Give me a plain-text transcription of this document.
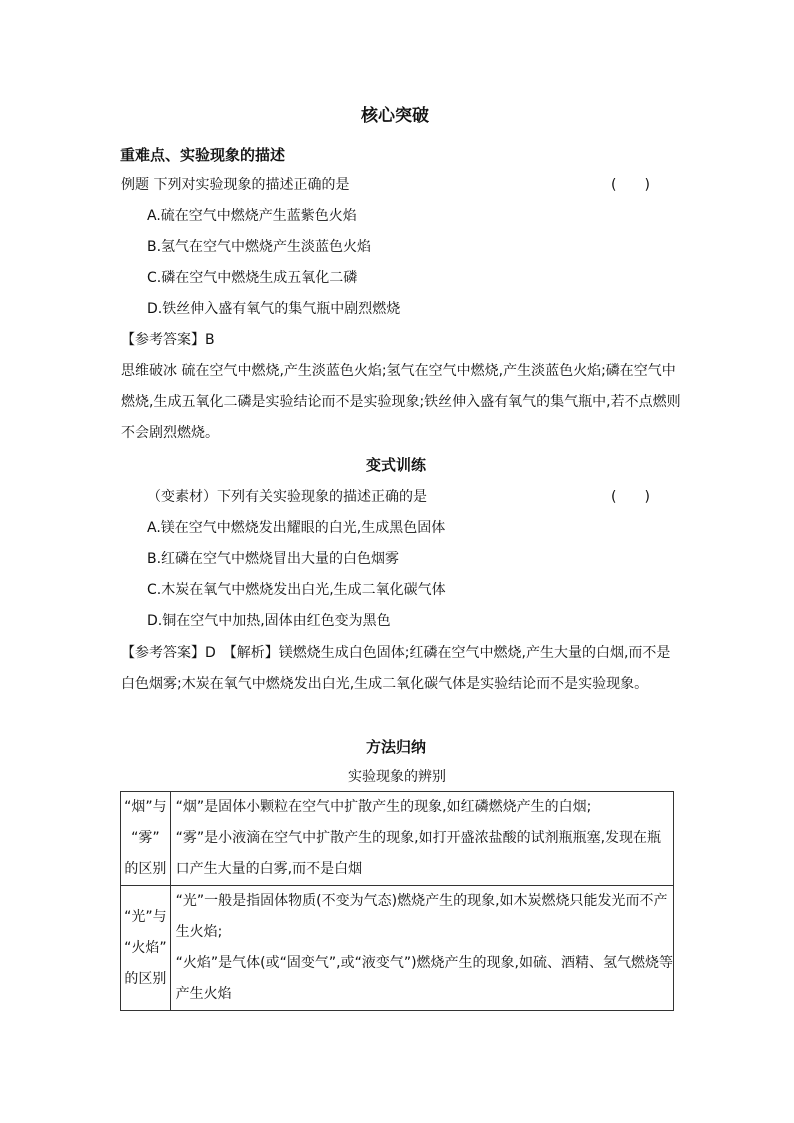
核心突破
重难点、实验现象的描述
例题 下列对实验现象的描述正确的是	(　　)
A.硫在空气中燃烧产生蓝紫色火焰
B.氢气在空气中燃烧产生淡蓝色火焰
C.磷在空气中燃烧生成五氧化二磷
D.铁丝伸入盛有氧气的集气瓶中剧烈燃烧
【参考答案】B
思维破冰 硫在空气中燃烧,产生淡蓝色火焰;氢气在空气中燃烧,产生淡蓝色火焰;磷在空气中
燃烧,生成五氧化二磷是实验结论而不是实验现象;铁丝伸入盛有氧气的集气瓶中,若不点燃则
不会剧烈燃烧。
变式训练
（变素材）下列有关实验现象的描述正确的是	(　　)
A.镁在空气中燃烧发出耀眼的白光,生成黑色固体
B.红磷在空气中燃烧冒出大量的白色烟雾
C.木炭在氧气中燃烧发出白光,生成二氧化碳气体
D.铜在空气中加热,固体由红色变为黑色
【参考答案】D　【解析】镁燃烧生成白色固体;红磷在空气中燃烧,产生大量的白烟,而不是
白色烟雾;木炭在氧气中燃烧发出白光,生成二氧化碳气体是实验结论而不是实验现象。
方法归纳
实验现象的辨别
“烟”与
“雾”
的区别	“烟”是固体小颗粒在空气中扩散产生的现象,如红磷燃烧产生的白烟;
“雾”是小液滴在空气中扩散产生的现象,如打开盛浓盐酸的试剂瓶瓶塞,发现在瓶
口产生大量的白雾,而不是白烟

“光”与
“火焰”
的区别	“光”一般是指固体物质(不变为气态)燃烧产生的现象,如木炭燃烧只能发光而不产
生火焰;
“火焰”是气体(或“固变气”,或“液变气”)燃烧产生的现象,如硫、酒精、氢气燃烧等
产生火焰
